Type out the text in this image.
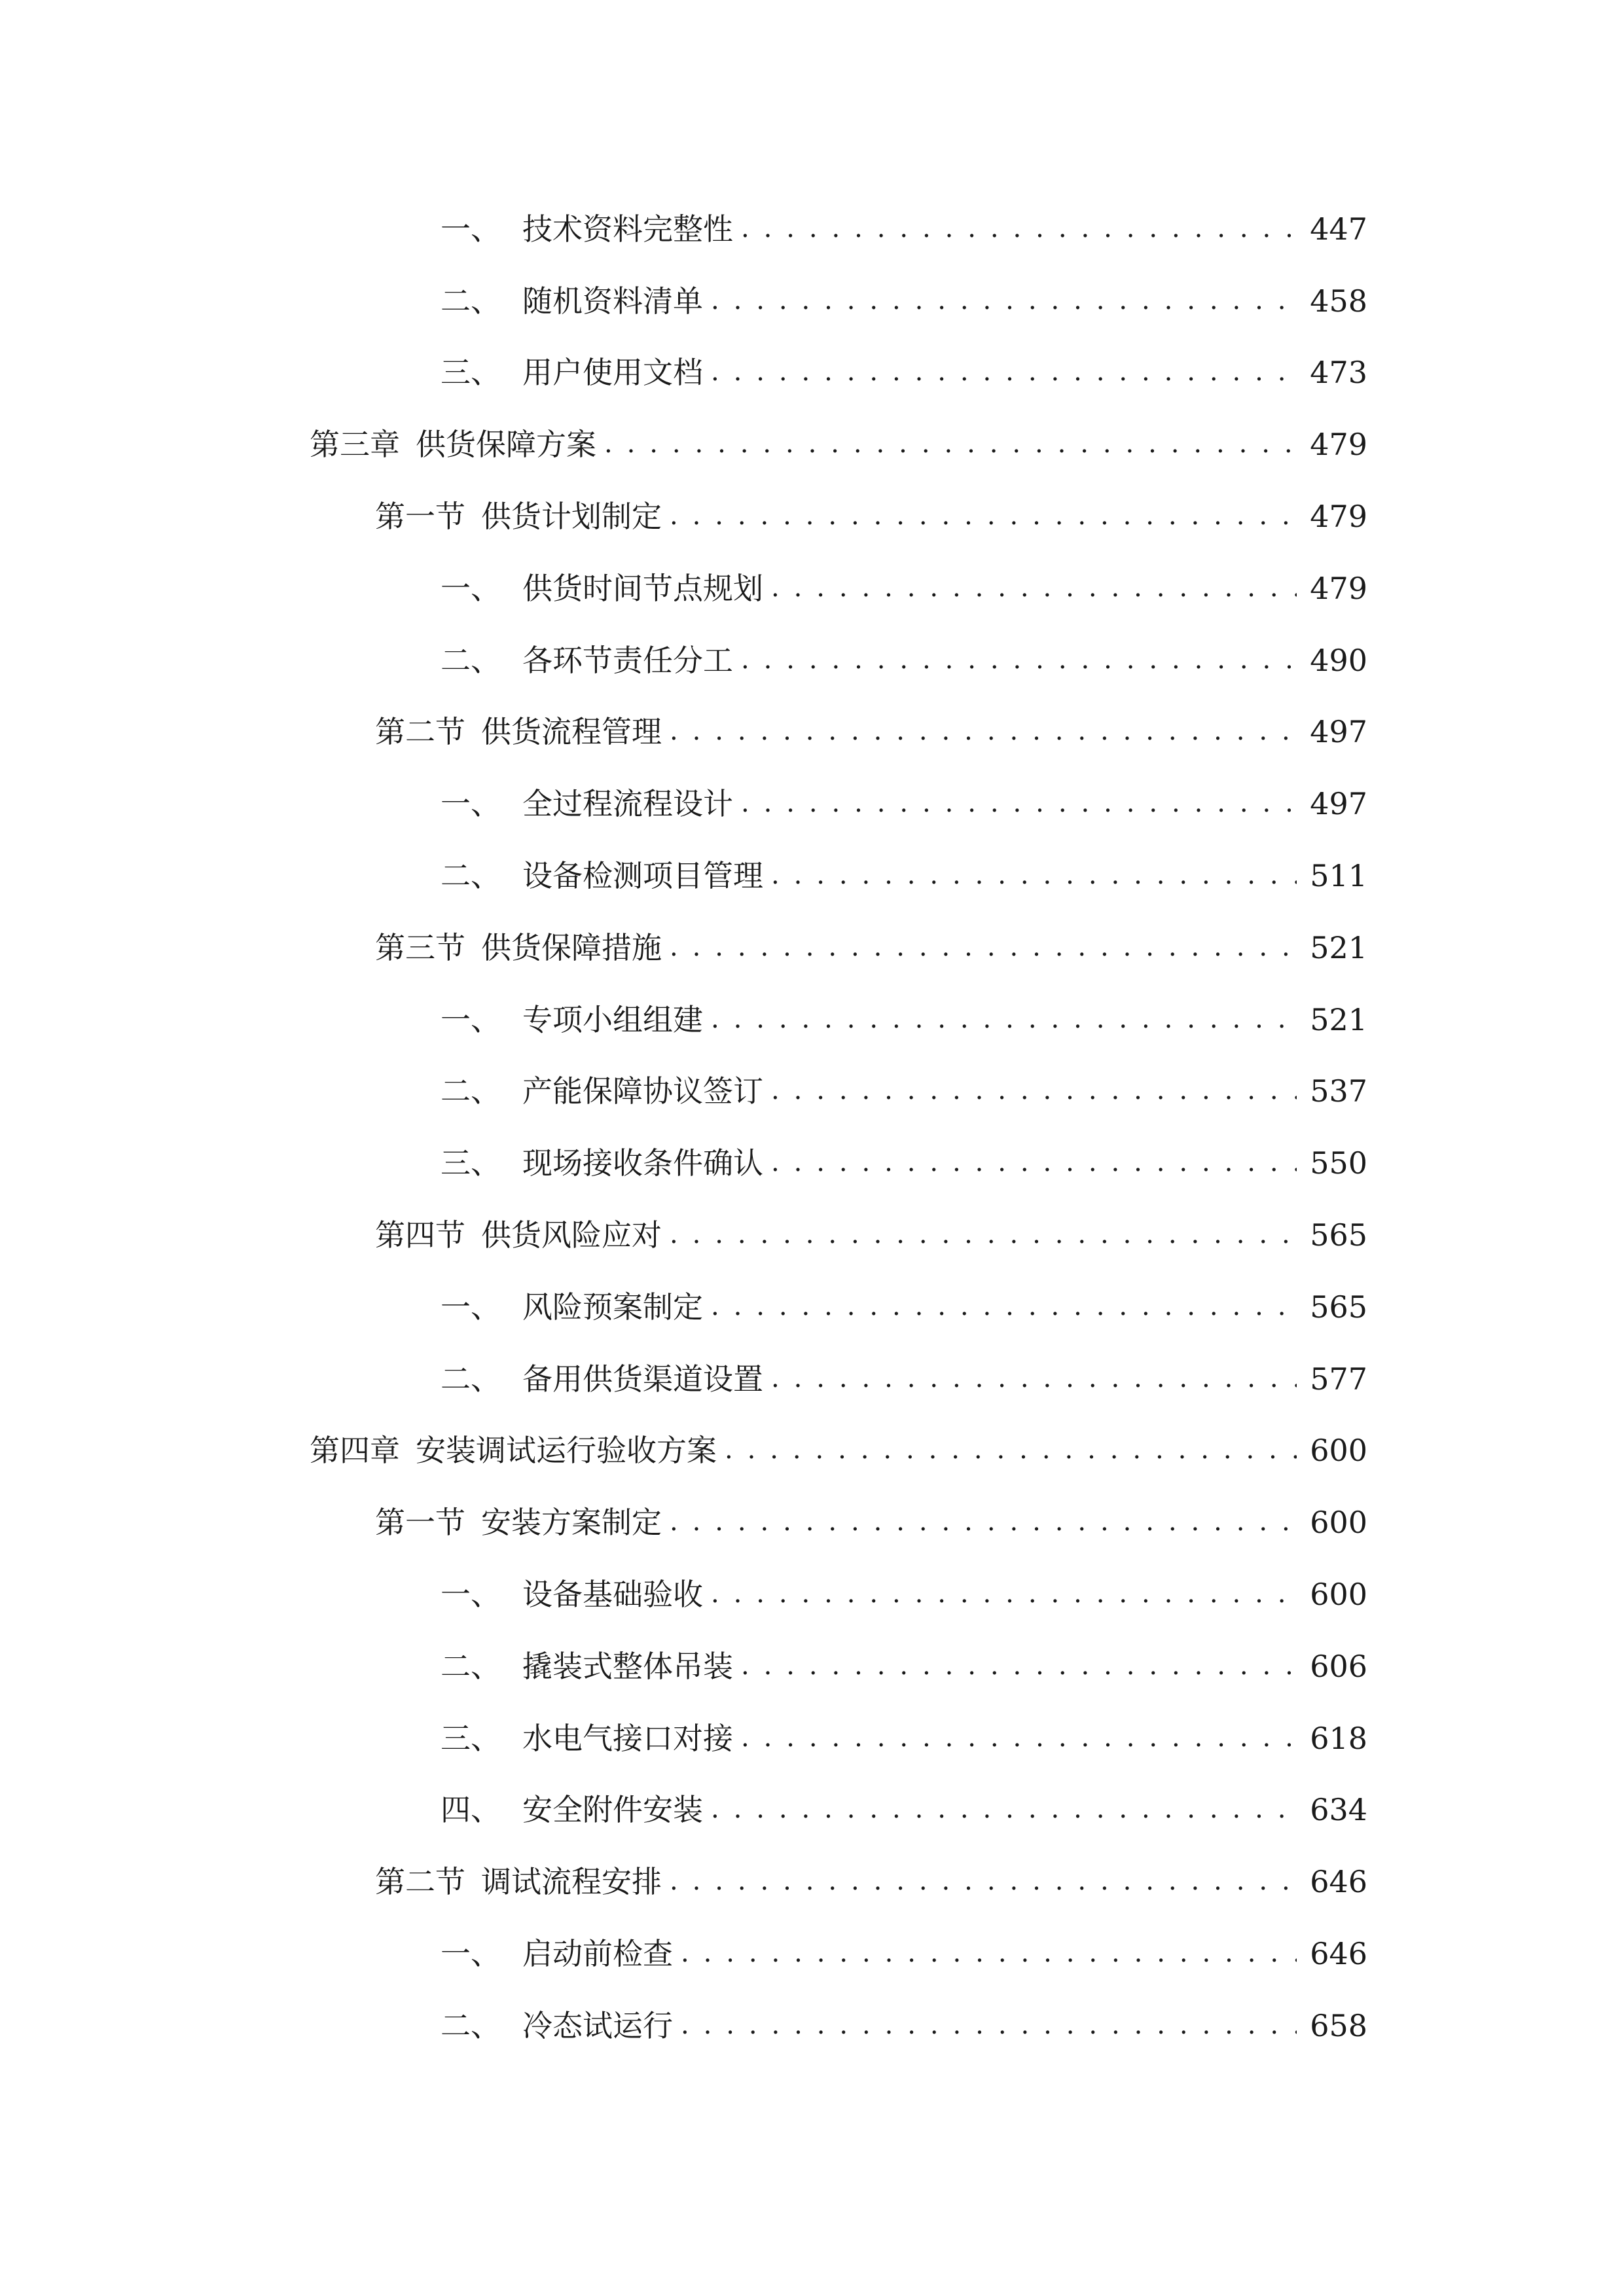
一、 技术资料完整性 . . .	447
二、 随机资料清单 . . .	458
三、 用户使用文档 . . .	473
第三章 供货保障方案 . . .	479
第一节 供货计划制定 . . .	479
一、 供货时间节点规划 . . .	479
二、 各环节责任分工 . . .	490
第二节 供货流程管理 . . .	497
一、 全过程流程设计 . . .	497
二、 设备检测项目管理 . . .	511
第三节 供货保障措施 . . .	521
一、 专项小组组建 . . .	521
二、 产能保障协议签订 . . .	537
三、 现场接收条件确认 . . .	550
第四节 供货风险应对 . . .	565
一、 风险预案制定 . . .	565
二、 备用供货渠道设置 . . .	577
第四章 安装调试运行验收方案 . . .	600
第一节 安装方案制定 . . .	600
一、 设备基础验收 . . .	600
二、 撬装式整体吊装 . . .	606
三、 水电气接口对接 . . .	618
四、 安全附件安装 . . .	634
第二节 调试流程安排 . . .	646
一、 启动前检查 . . .	646
二、 冷态试运行 . . .	658
